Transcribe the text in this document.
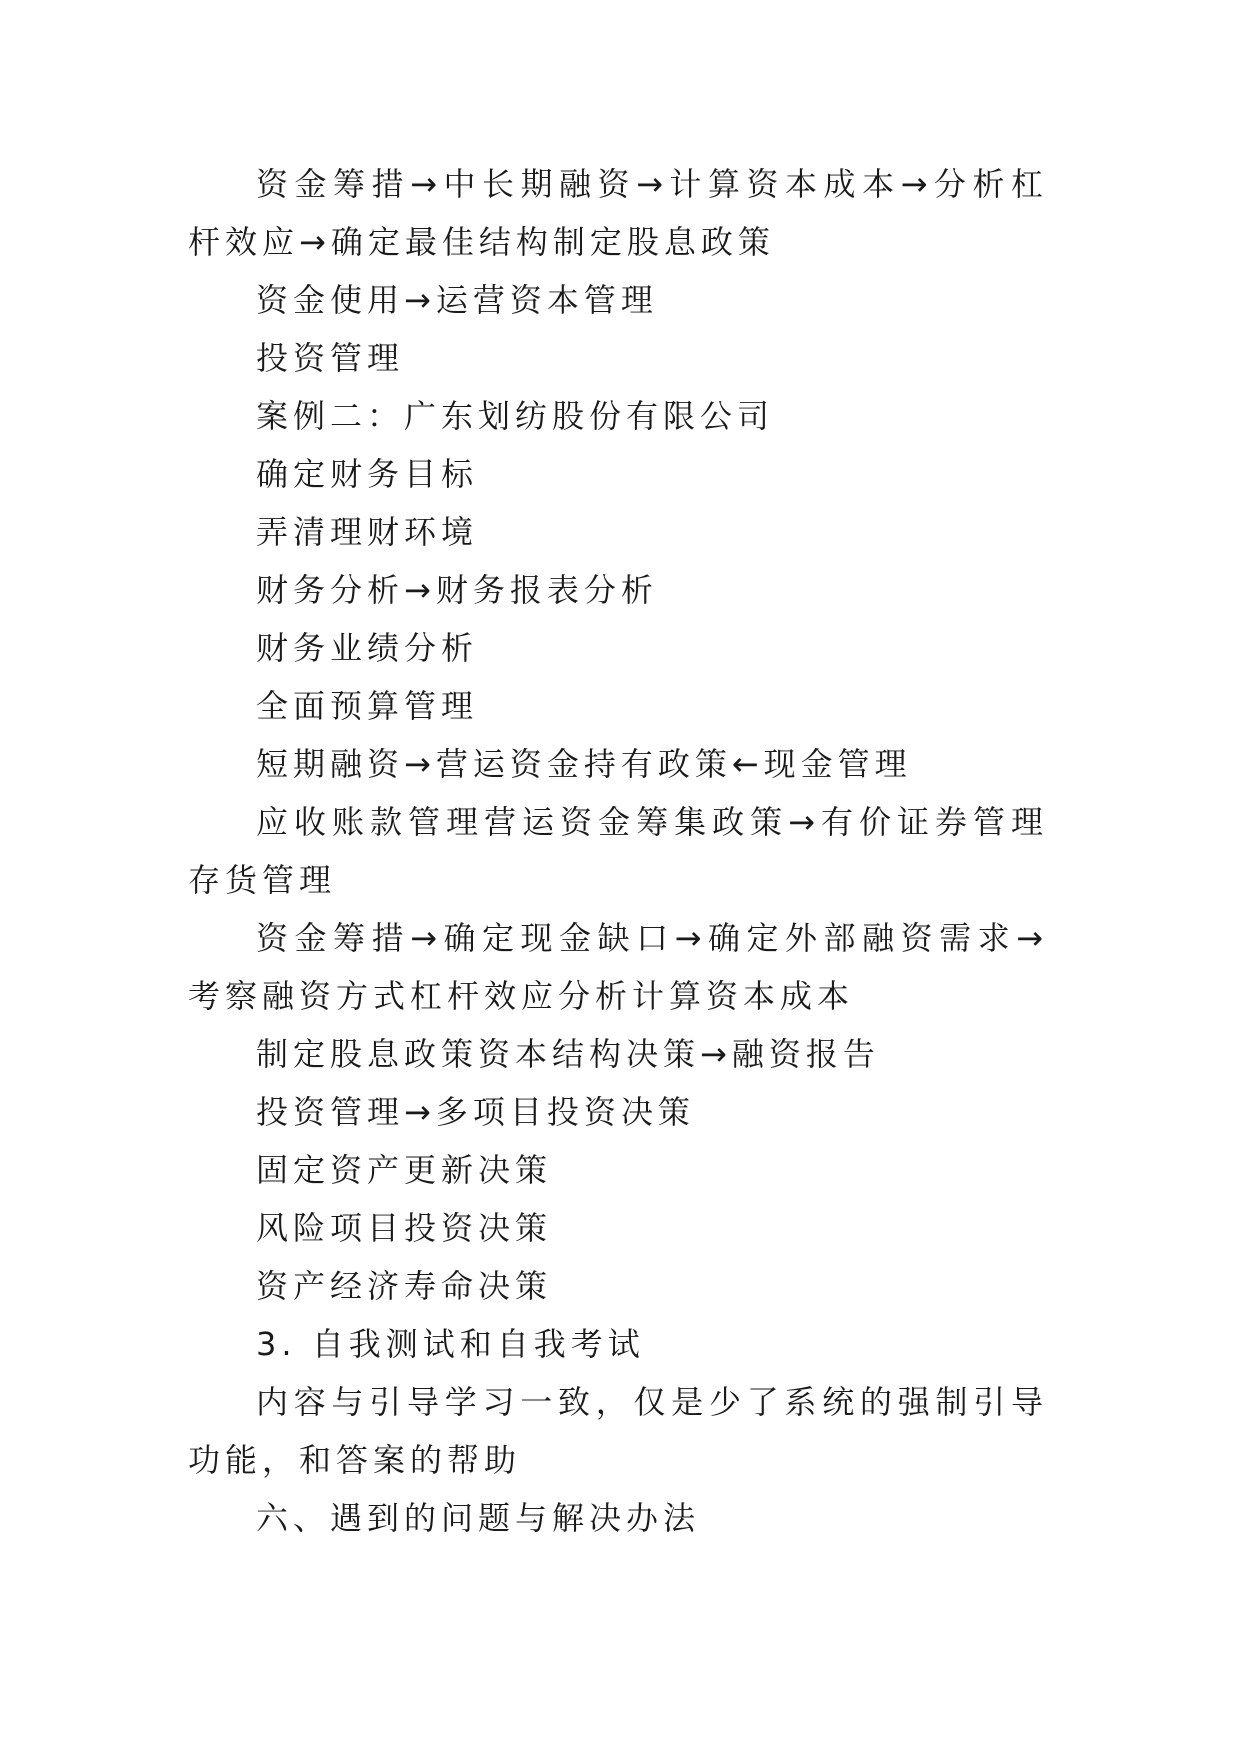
资金筹措→中长期融资→计算资本成本→分析杠杆效应→确定最佳结构制定股息政策

资金使用→运营资本管理

投资管理

案例二：广东划纺股份有限公司

确定财务目标

弄清理财环境

财务分析→财务报表分析

财务业绩分析

全面预算管理

短期融资→营运资金持有政策←现金管理

应收账款管理营运资金筹集政策→有价证券管理存货管理

资金筹措→确定现金缺口→确定外部融资需求→考察融资方式杠杆效应分析计算资本成本

制定股息政策资本结构决策→融资报告

投资管理→多项目投资决策

固定资产更新决策

风险项目投资决策

资产经济寿命决策

3. 自我测试和自我考试

内容与引导学习一致，仅是少了系统的强制引导功能，和答案的帮助

六、遇到的问题与解决办法
